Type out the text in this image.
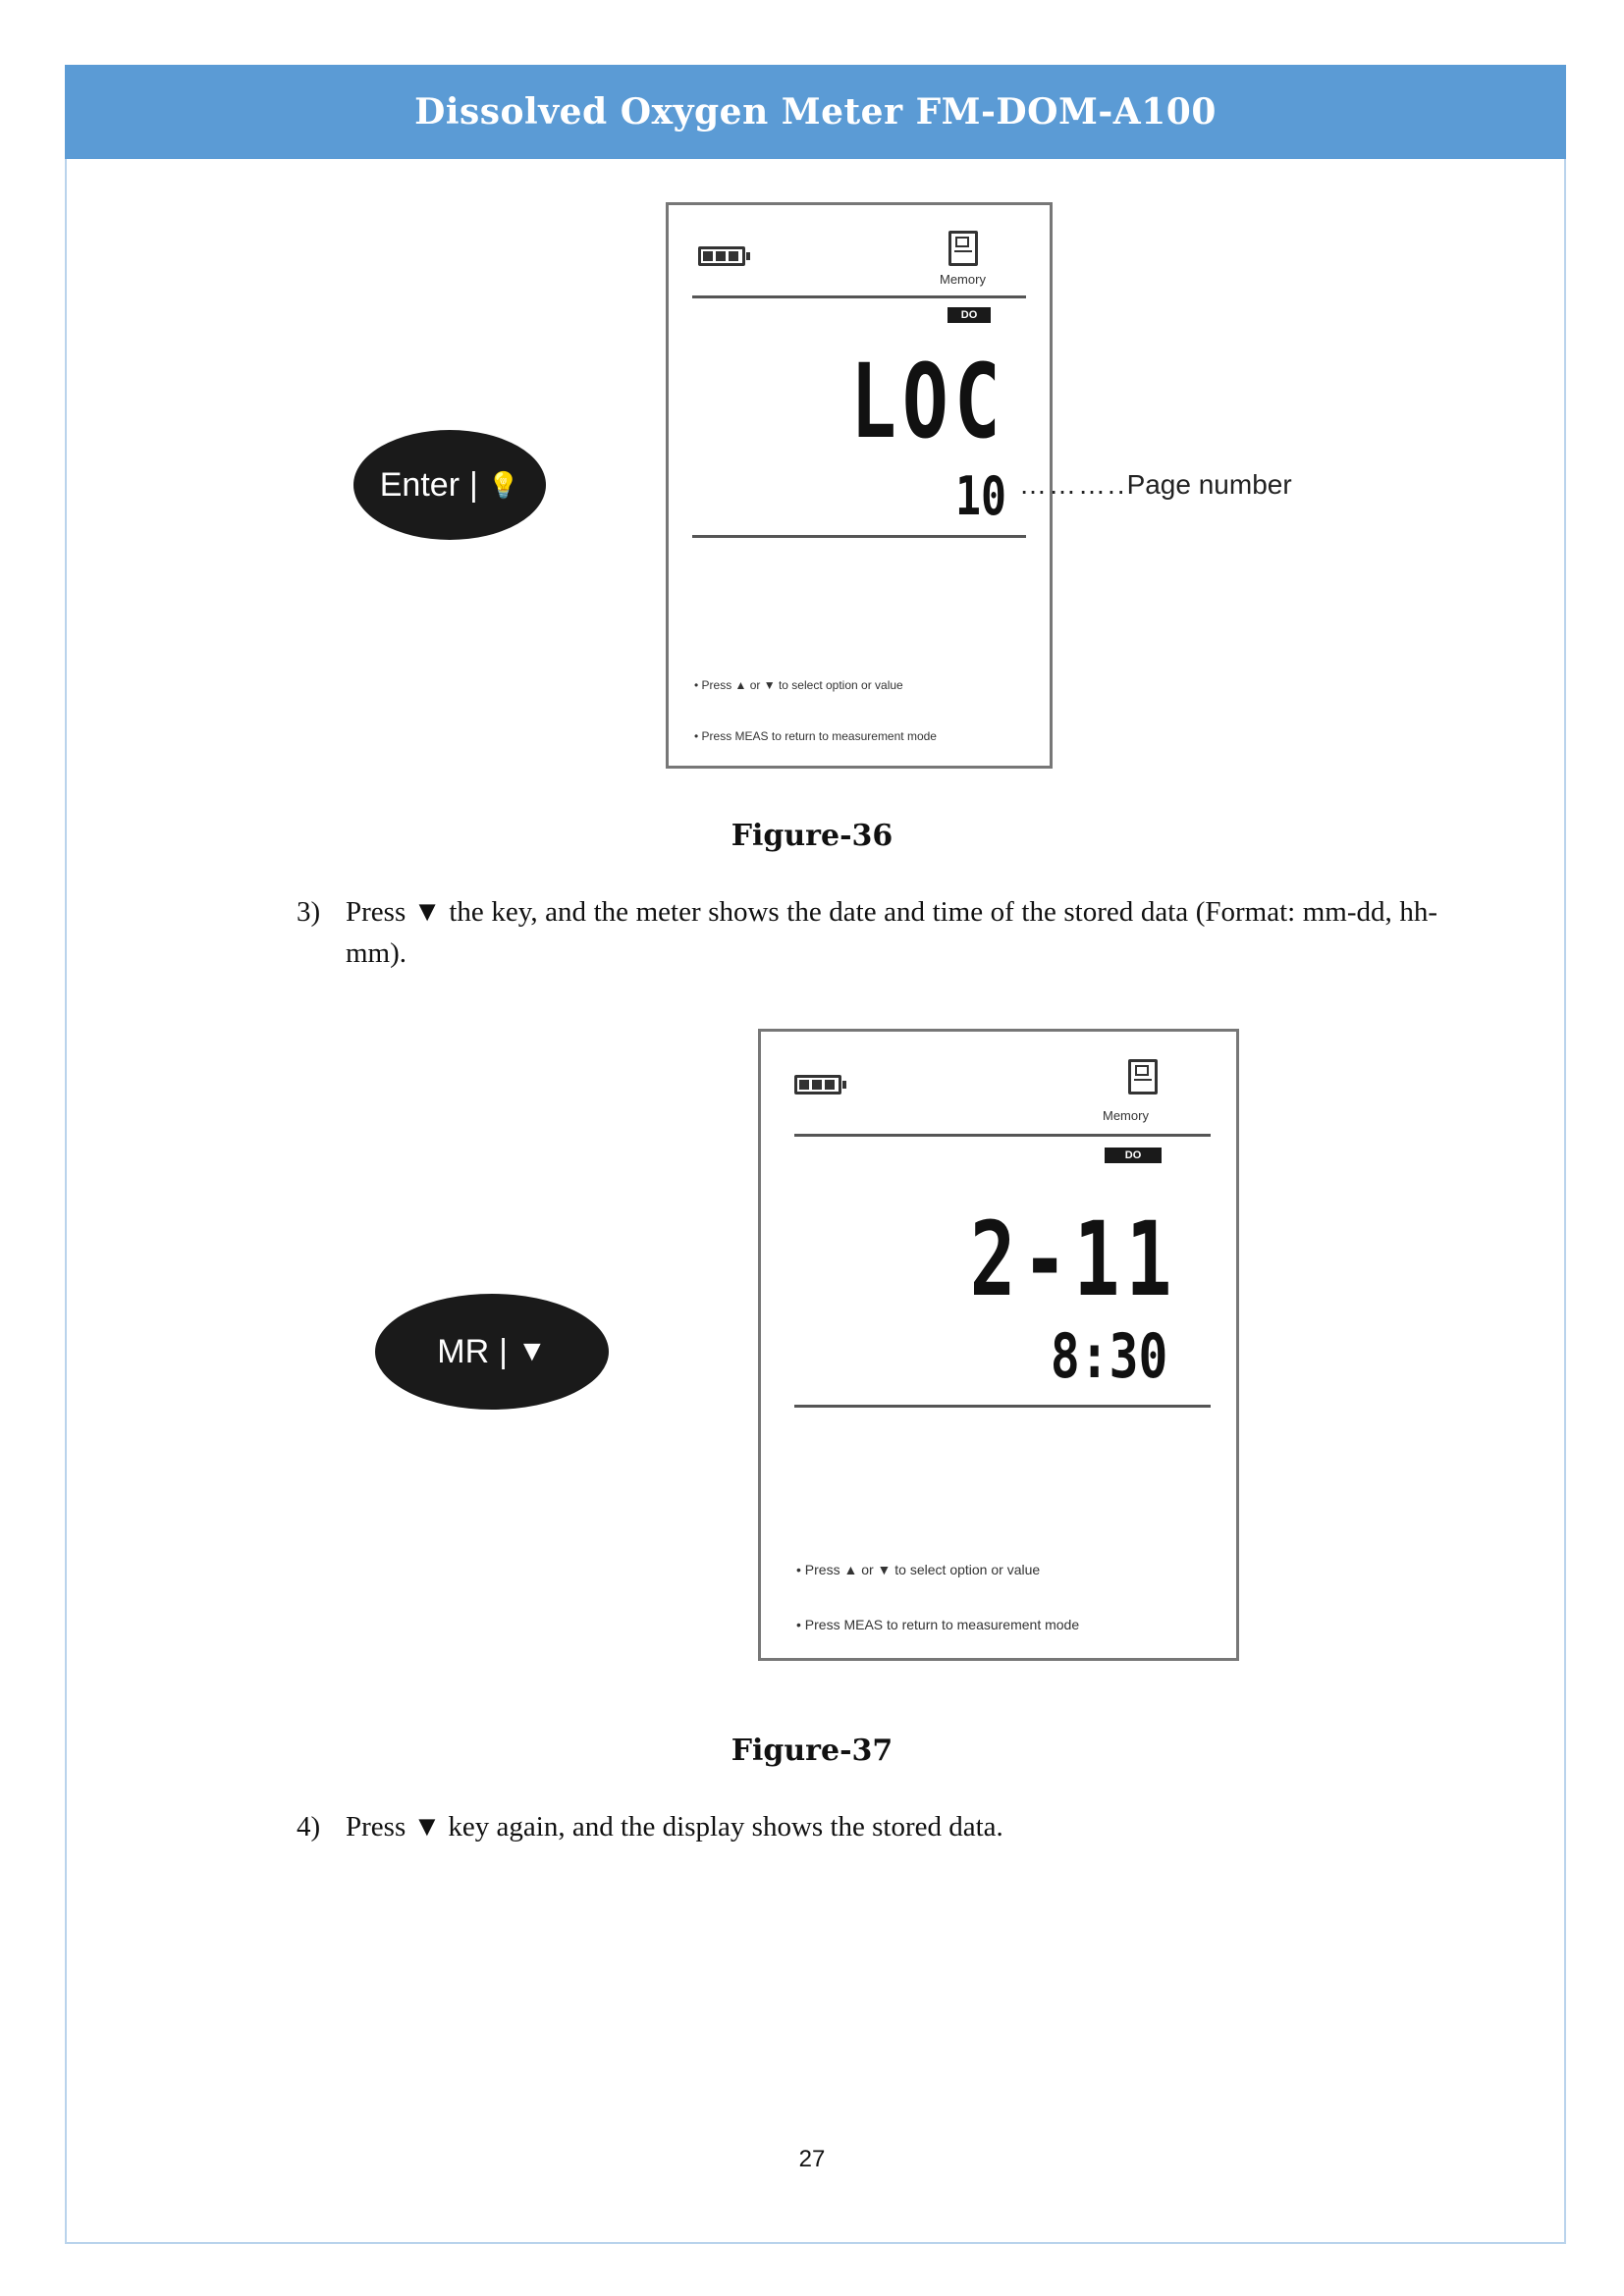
Dissolved Oxygen Meter FM-DOM-A100
Enter | 💡
Memory
DO
LOC
10
• Press ▲ or ▼ to select option or value
• Press MEAS to return to measurement mode
………..Page number
Figure-36
3) Press ▼ the key, and the meter shows the date and time of the stored data (Format: mm-dd, hh-mm).
MR | ▼
Memory
DO
2-11
8:30
• Press ▲ or ▼ to select option or value
• Press MEAS to return to measurement mode
Figure-37
4) Press ▼ key again, and the display shows the stored data.
27
